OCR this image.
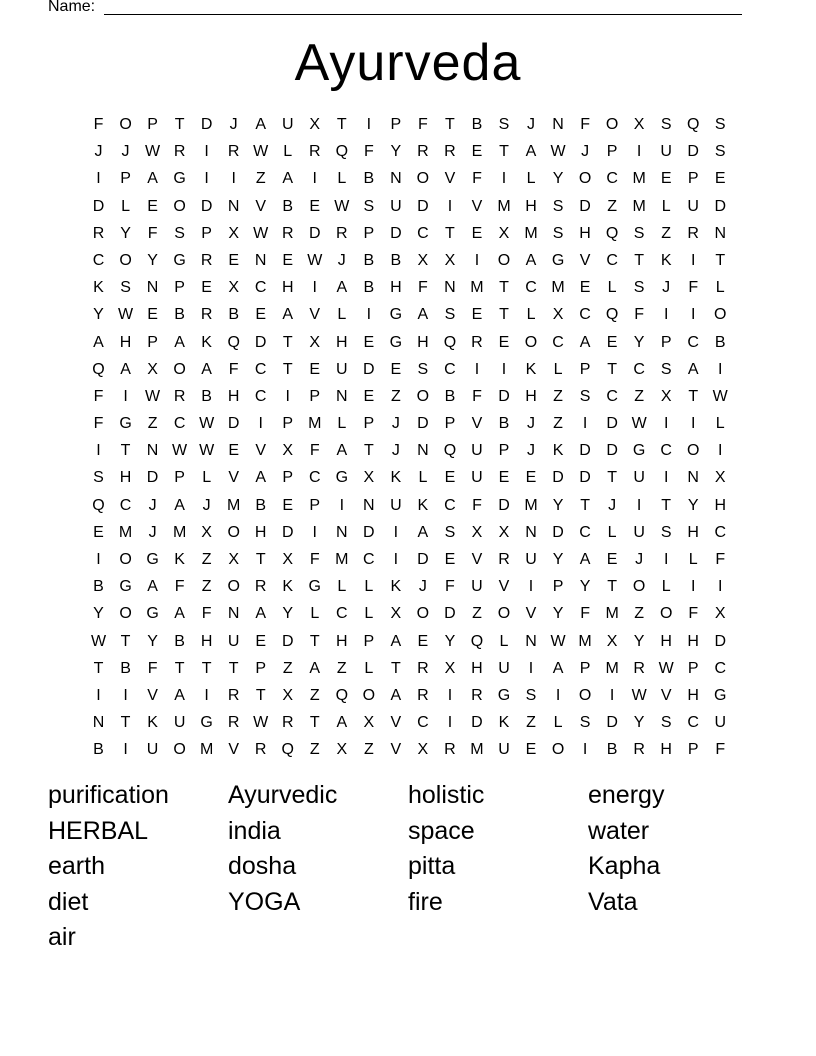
Name:
Ayurveda
F O P	T	D	J	A U X	T	I	P	F	T	B	S	J	N	F O X	S Q S
J	J W R	I	R W L	R Q F	Y R R E	T	A W J	P	I	U D S
I	P	A G	I	I	Z	A	I	L	B N O V	F	I	L	Y O C M E	P	E
D	L	E O D N V	B	E W S U D	I	V M H S D	Z M L	U D
R Y	F	S	P	X W R D R P D C	T	E	X M S H Q S	Z	R N
C O Y G R E N E W J	B	B	X	X	I	O A G V C	T	K	I	T
K	S N P	E	X C H	I	A	B H	F	N M T	C M E	L	S	J	F	L
Y W E	B R B	E	A	V	L	I	G A	S	E	T	L	X C Q F	I	I	O
A H P	A	K Q D	T	X H E G H Q R E O C A	E	Y	P C B
Q A	X O A	F	C	T	E U D E	S C	I	I	K	L	P	T	C S	A	I
F	I	W R B H C	I	P N E	Z O B	F	D H	Z	S C	Z	X	T W
F G Z	C W D	I	P M L	P	J	D P	V	B	J	Z	I	D W	I	I	L
I	T	N W W E	V	X	F	A	T	J	N Q U P	J	K D D G C O	I
S H D P	L	V	A	P C G X	K	L	E U E	E D D	T	U	I	N X
Q C	J	A	J	M B	E	P	I	N U K C	F	D M Y	T	J	I	T	Y H
E M	J	M X O H D	I	N D	I	A	S	X	X N D C	L	U S H C
I	O G K	Z	X	T	X	F M C	I	D E	V R U Y	A	E	J	I	L	F
B G A	F	Z O R K G	L	L	K	J	F	U V	I	P	Y	T O	L	I	I
Y O G A	F	N A	Y	L	C	L	X O D	Z O V	Y	F M Z O F	X
W T	Y	B H U E D	T	H P	A	E	Y Q	L	N W M X	Y H H D
T	B	F	T	T	T	P	Z	A	Z	L	T	R X H U	I	A	P M R W P C
I	I	V	A	I	R	T	X	Z Q O A R	I	R G S	I	O	I	W V H G
N	T	K U G R W R	T	A	X	V C	I	D K	Z	L	S D Y	S C U
B	I	U O M V R Q Z	X	Z	V	X R M U E O	I	B R H P	F
purification	Ayurvedic	holistic	energy
HERBAL	india	space	water
earth	dosha	pitta	Kapha
diet	YOGA	fire	Vata
air
